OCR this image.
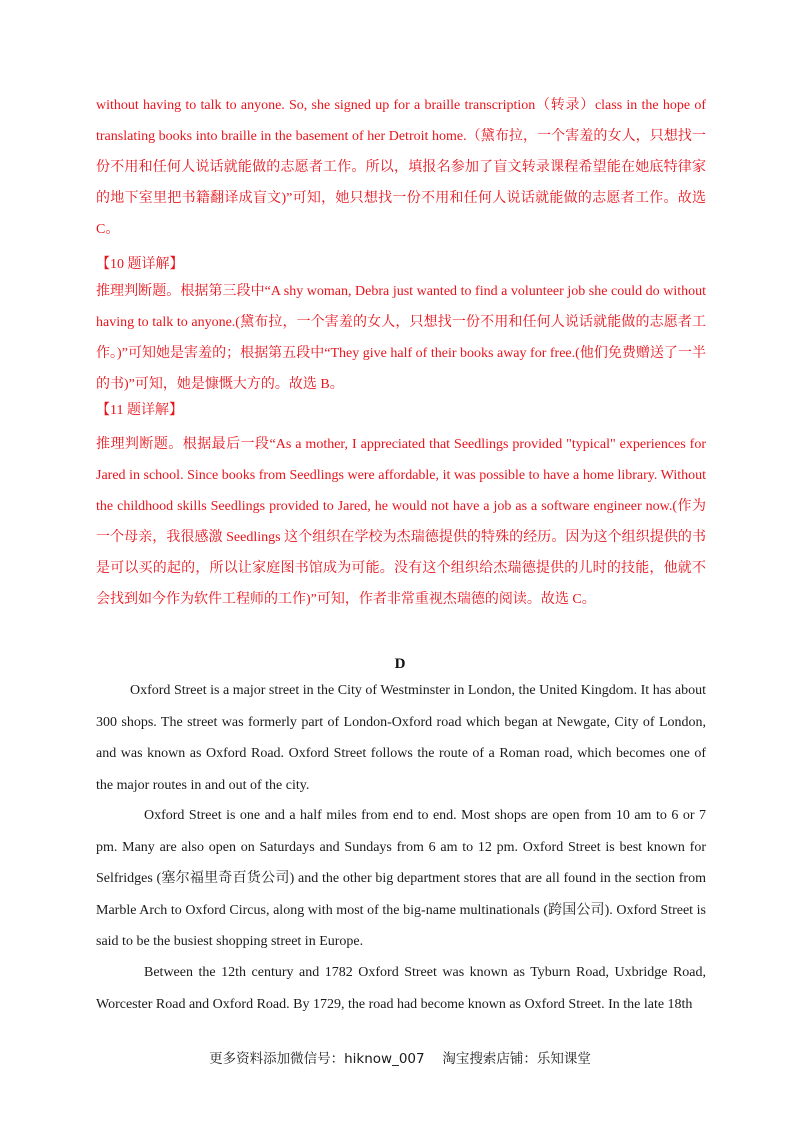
without having to talk to anyone. So, she signed up for a braille transcription（转录）class in the hope of translating books into braille in the basement of her Detroit home.（黛布拉，一个害羞的女人，只想找一份不用和任何人说话就能做的志愿者工作。所以，填报名参加了盲文转录课程希望能在她底特律家的地下室里把书籍翻译成盲文)”可知，她只想找一份不用和任何人说话就能做的志愿者工作。故选 C。
【10 题详解】
推理判断题。根据第三段中“A shy woman, Debra just wanted to find a volunteer job she could do without having to talk to anyone.(黛布拉，一个害羞的女人，只想找一份不用和任何人说话就能做的志愿者工作。)”可知她是害羞的；根据第五段中“They give half of their books away for free.(他们免费赠送了一半的书)”可知，她是慷慨大方的。故选 B。
【11 题详解】
推理判断题。根据最后一段“As a mother, I appreciated that Seedlings provided "typical" experiences for Jared in school. Since books from Seedlings were affordable, it was possible to have a home library. Without the childhood skills Seedlings provided to Jared, he would not have a job as a software engineer now.(作为一个母亲，我很感激 Seedlings 这个组织在学校为杰瑞德提供的特殊的经历。因为这个组织提供的书是可以买的起的，所以让家庭图书馆成为可能。没有这个组织给杰瑞德提供的儿时的技能，他就不会找到如今作为软件工程师的工作)”可知，作者非常重视杰瑞德的阅读。故选 C。
D
Oxford Street is a major street in the City of Westminster in London, the United Kingdom. It has about 300 shops. The street was formerly part of London-Oxford road which began at Newgate, City of London, and was known as Oxford Road. Oxford Street follows the route of a Roman road, which becomes one of the major routes in and out of the city.
Oxford Street is one and a half miles from end to end. Most shops are open from 10 am to 6 or 7 pm. Many are also open on Saturdays and Sundays from 6 am to 12 pm. Oxford Street is best known for Selfridges (塞尔福里奇百货公司) and the other big department stores that are all found in the section from Marble Arch to Oxford Circus, along with most of the big-name multinationals (跨国公司). Oxford Street is said to be the busiest shopping street in Europe.
Between the 12th century and 1782 Oxford Street was known as Tyburn Road, Uxbridge Road, Worcester Road and Oxford Road. By 1729, the road had become known as Oxford Street. In the late 18th
更多资料添加微信号：hiknow_007　 淘宝搜索店铺：乐知课堂
